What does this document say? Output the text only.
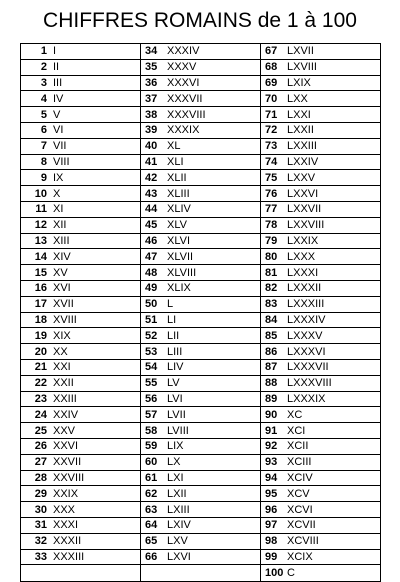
CHIFFRES ROMAINS de 1 à 100
1 I
2 II
3 III
4 IV
5 V
6 VI
7 VII
8 VIII
9 IX
10 X
11 XI
12 XII
13 XIII
14 XIV
15 XV
16 XVI
17 XVII
18 XVIII
19 XIX
20 XX
21 XXI
22 XXII
23 XXIII
24 XXIV
25 XXV
26 XXVI
27 XXVII
28 XXVIII
29 XXIX
30 XXX
31 XXXI
32 XXXII
33 XXXIII
34 XXXIV
35 XXXV
36 XXXVI
37 XXXVII
38 XXXVIII
39 XXXIX
40 XL
41 XLI
42 XLII
43 XLIII
44 XLIV
45 XLV
46 XLVI
47 XLVII
48 XLVIII
49 XLIX
50 L
51 LI
52 LII
53 LIII
54 LIV
55 LV
56 LVI
57 LVII
58 LVIII
59 LIX
60 LX
61 LXI
62 LXII
63 LXIII
64 LXIV
65 LXV
66 LXVI
67 LXVII
68 LXVIII
69 LXIX
70 LXX
71 LXXI
72 LXXII
73 LXXIII
74 LXXIV
75 LXXV
76 LXXVI
77 LXXVII
78 LXXVIII
79 LXXIX
80 LXXX
81 LXXXI
82 LXXXII
83 LXXXIII
84 LXXXIV
85 LXXXV
86 LXXXVI
87 LXXXVII
88 LXXXVIII
89 LXXXIX
90 XC
91 XCI
92 XCII
93 XCIII
94 XCIV
95 XCV
96 XCVI
97 XCVII
98 XCVIII
99 XCIX
100 C
